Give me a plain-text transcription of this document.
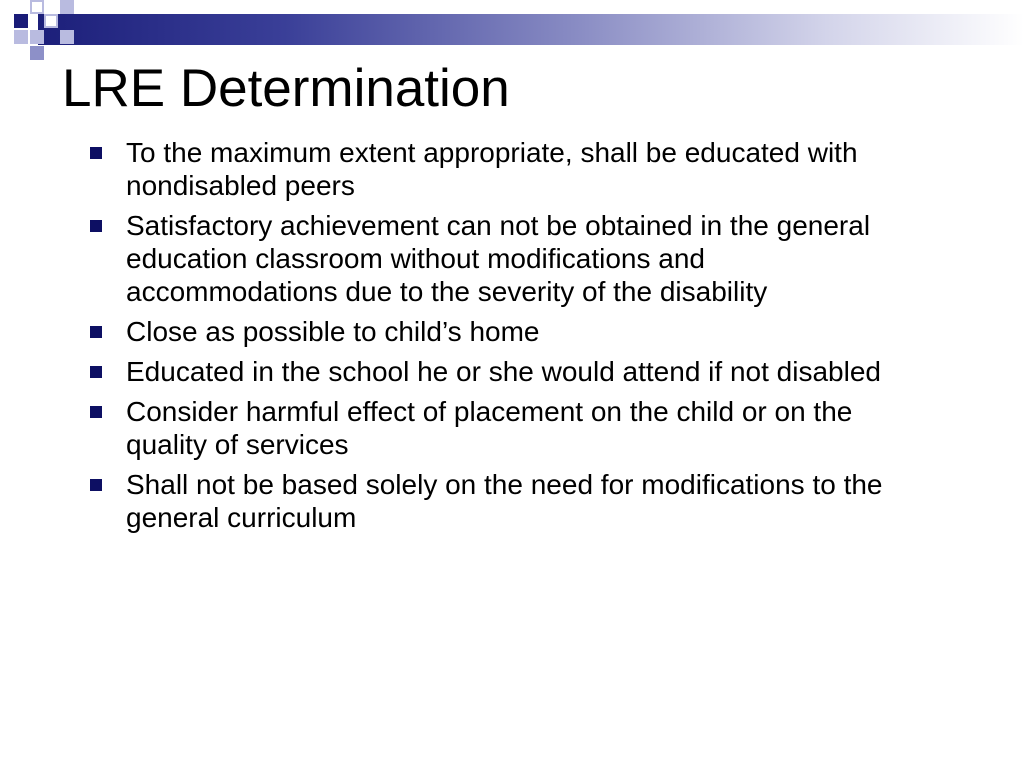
LRE Determination
To the maximum extent appropriate, shall be educated with nondisabled peers
Satisfactory achievement can not be obtained in the general education classroom without modifications and accommodations due to the severity of the disability
Close as possible to child’s home
Educated in the school he or she would attend if not disabled
Consider harmful effect of placement on the child or on the quality of services
Shall not be based solely on the need for modifications to the general curriculum
